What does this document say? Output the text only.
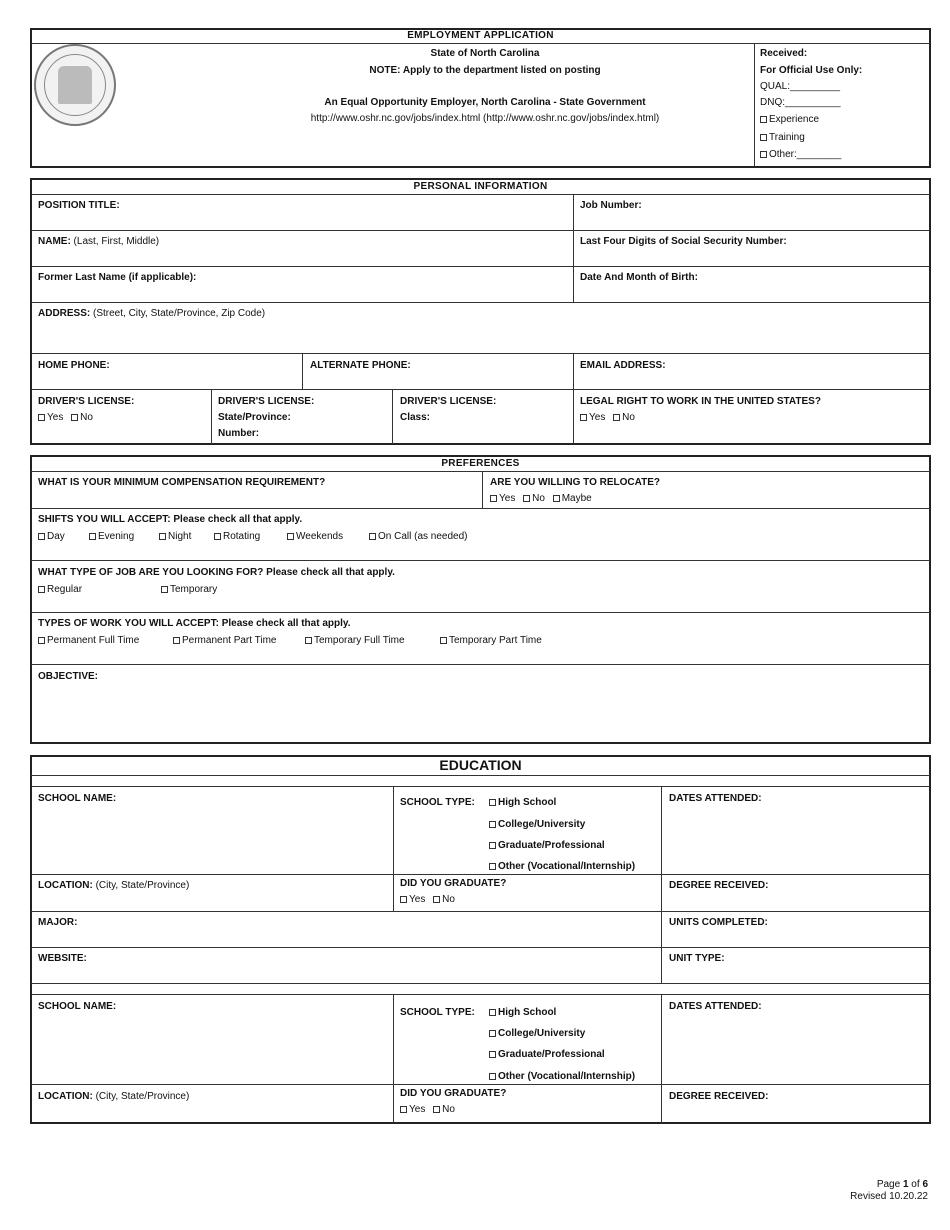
EMPLOYMENT APPLICATION
State of North Carolina
NOTE: Apply to the department listed on posting
An Equal Opportunity Employer, North Carolina - State Government
http://www.oshr.nc.gov/jobs/index.html (http://www.oshr.nc.gov/jobs/index.html)
Received:
For Official Use Only:
QUAL:_________
DNQ:__________
Experience
Training
Other:________
PERSONAL INFORMATION
POSITION TITLE:	Job Number:
NAME: (Last, First, Middle)	Last Four Digits of Social Security Number:
Former Last Name (if applicable):	Date And Month of Birth:
ADDRESS: (Street, City, State/Province, Zip Code)
HOME PHONE:	ALTERNATE PHONE:	EMAIL ADDRESS:
DRIVER'S LICENSE:
Yes No
DRIVER'S LICENSE:
State/Province:
Number:
DRIVER'S LICENSE:
Class:
LEGAL RIGHT TO WORK IN THE UNITED STATES?
Yes No
PREFERENCES
WHAT IS YOUR MINIMUM COMPENSATION REQUIREMENT?	ARE YOU WILLING TO RELOCATE?
Yes No Maybe
SHIFTS YOU WILL ACCEPT: Please check all that apply.
Day	Evening	Night	Rotating	Weekends	On Call (as needed)
WHAT TYPE OF JOB ARE YOU LOOKING FOR? Please check all that apply.
Regular	Temporary
TYPES OF WORK YOU WILL ACCEPT: Please check all that apply.
Permanent Full Time	Permanent Part Time	Temporary Full Time	Temporary Part Time
OBJECTIVE:
EDUCATION
SCHOOL NAME:	SCHOOL TYPE:	High School
College/University
Graduate/Professional
Other (Vocational/Internship)
DATES ATTENDED:
LOCATION: (City, State/Province)	DID YOU GRADUATE?
Yes No
DEGREE RECEIVED:
MAJOR:	UNITS COMPLETED:
WEBSITE:	UNIT TYPE:
SCHOOL NAME:
SCHOOL TYPE:	High School
College/University
Graduate/Professional
Other (Vocational/Internship)
DATES ATTENDED:
LOCATION: (City, State/Province)	DID YOU GRADUATE?
Yes No
DEGREE RECEIVED:
Page 1 of 6
Revised 10.20.22
